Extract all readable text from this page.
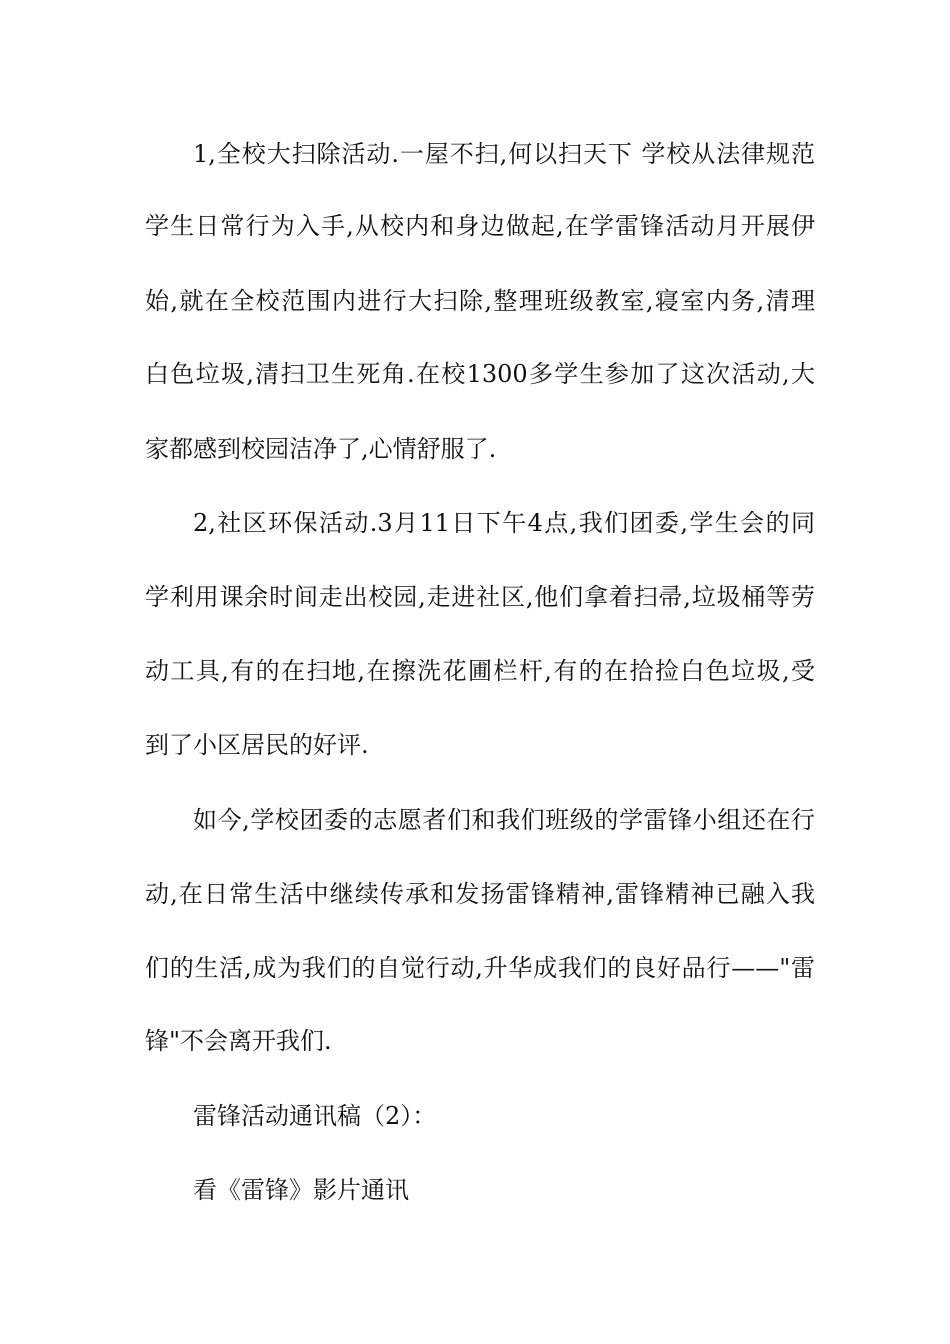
1,全校大扫除活动.一屋不扫,何以扫天下 学校从法律规范
学生日常行为入手,从校内和身边做起,在学雷锋活动月开展伊
始,就在全校范围内进行大扫除,整理班级教室,寝室内务,清理
白色垃圾,清扫卫生死角.在校1300多学生参加了这次活动,大
家都感到校园洁净了,心情舒服了.
2,社区环保活动.3月11日下午4点,我们团委,学生会的同
学利用课余时间走出校园,走进社区,他们拿着扫帚,垃圾桶等劳
动工具,有的在扫地,在擦洗花圃栏杆,有的在拾捡白色垃圾,受
到了小区居民的好评.
如今,学校团委的志愿者们和我们班级的学雷锋小组还在行
动,在日常生活中继续传承和发扬雷锋精神,雷锋精神已融入我
们的生活,成为我们的自觉行动,升华成我们的良好品行——"雷
锋"不会离开我们.
雷锋活动通讯稿（2）：
看《雷锋》影片通讯
